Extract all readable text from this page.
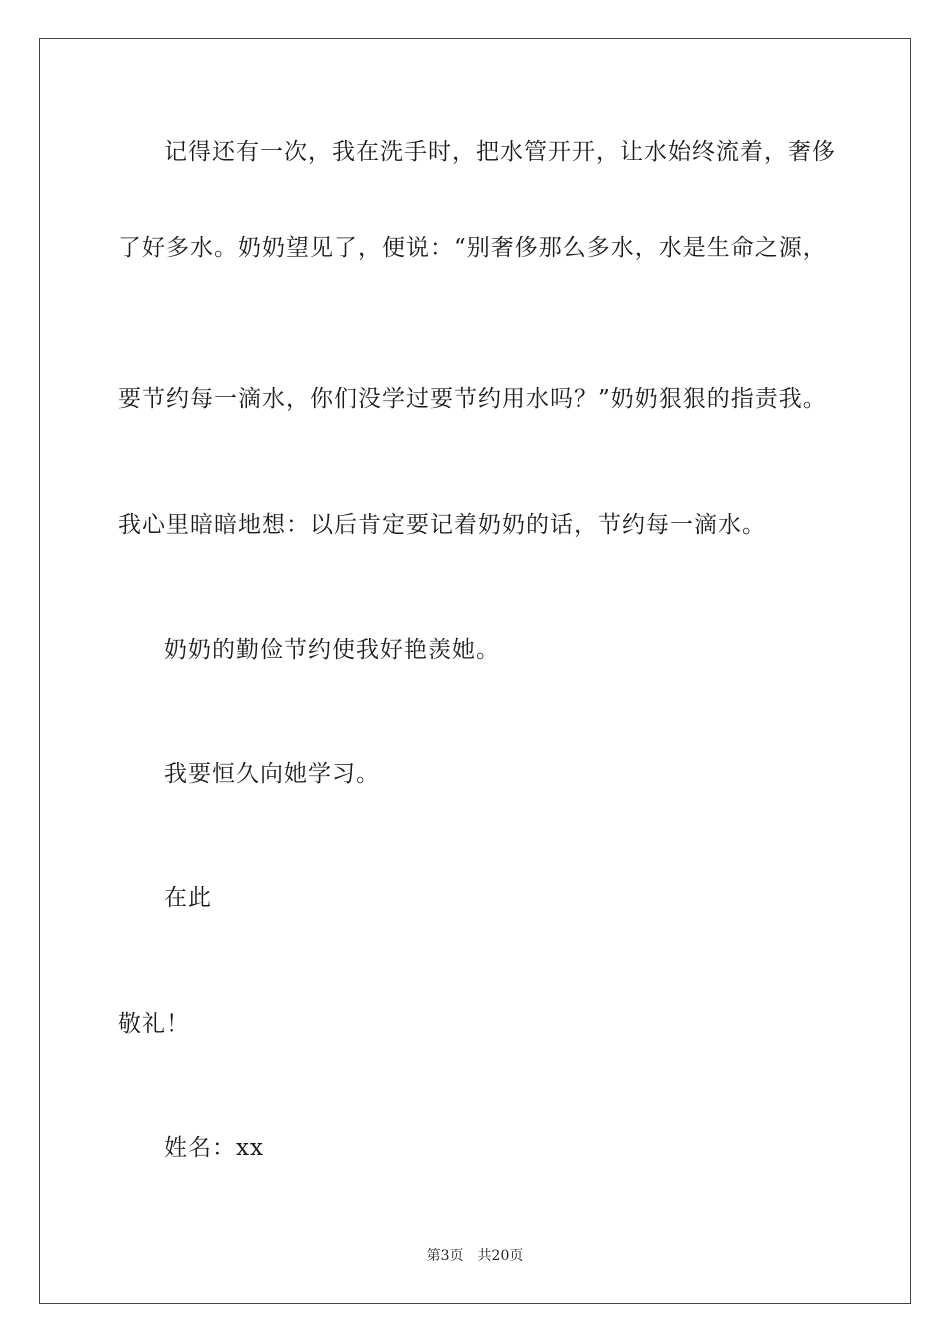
记得还有一次，我在洗手时，把水管开开，让水始终流着，奢侈
了好多水。奶奶望见了，便说：“别奢侈那么多水，水是生命之源，
要节约每一滴水，你们没学过要节约用水吗？”奶奶狠狠的指责我。
我心里暗暗地想：以后肯定要记着奶奶的话，节约每一滴水。
奶奶的勤俭节约使我好艳羡她。
我要恒久向她学习。
在此
敬礼！
姓名：xx
第3页 共20页
